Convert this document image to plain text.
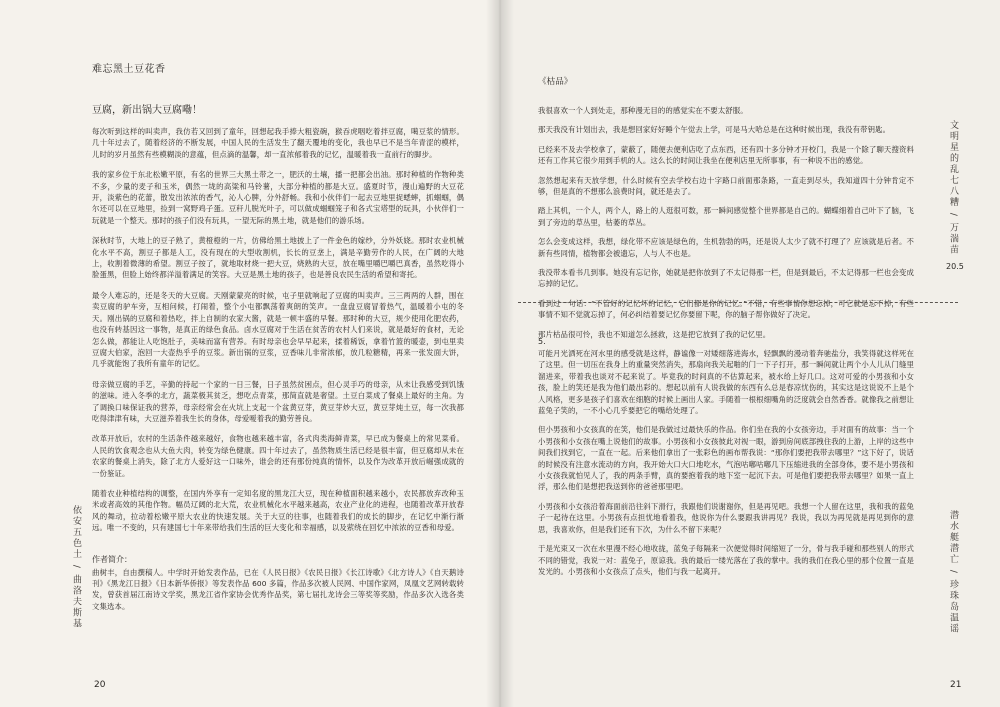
难忘黑土豆花香
豆腐，新出锅大豆腐嘞！

每次听到这样的叫卖声，我仿若又回到了童年，回想起我手捧大粗瓷碗，猴吞虎咽吃着拌豆腐，噶豆浆的情形。几十年过去了，随着经济的不断发展，中国人民的生活发生了翻天覆地的变化，我也早已不是当年青涩的模样，儿时的岁月虽然有些模糊淡的意蕴，但点滴的温馨，却一直浓郁着我的记忆，温暖着我一直前行的脚步。

我的家乡位于东北松嫩平原，有名的世界三大黑土带之一，肥沃的土壤，播一把都会出油。那时种植的作物种类不多，少量的麦子和玉米，偶然一垅的高粱和马铃薯，大部分种植的都是大豆。盛夏时节，漫山遍野的大豆花开，淡紫色的花蕾，散发出浓浓的香气，沁人心脾，分外舒畅。我和小伙伴们一起去豆地里捉蟋蟀，抓蝈蝈，偶尔还可以在豆地里，捡到一窝野鸡子蛋。豆秆儿脱光叶子，可以做成蝈蝈笼子和各式宝塔型的玩具，小伙伴们一玩就是一个整天。那时的孩子们没有玩具，一望无际的黑土地，就是他们的游乐场。

深秋时节，大地上的豆子熟了，黄橙橙的一片，仿佛给黑土地披上了一件金色的嫁纱，分外妖娆。那时农业机械化水平不高，割豆子都是人工，没有现在的大型收割机，长长的豆垄上，满是辛勤劳作的人民，在广阔的大地上，收割着微薄的希望。割豆子按了，就地取材烧一把大豆，烧熟的大豆，放在嘴里嚼巴嚼巴真香，虽然吃得小脸蛋黑，但脸上始终都洋溢着满足的笑容。大豆是黑土地的孩子，也是善良农民生活的希望和寄托。

最令人难忘的，还是冬天的大豆腐。天刚蒙蒙亮的时候，屯子里就响起了豆腐的叫卖声。三三两两的人群，围在卖豆腐的驴车旁，互相问候，打闹着，整个小屯都飘荡着爽朗的笑声。一盘盘豆腐冒着热气，温暖着小屯的冬天。刚出锅的豆腐和着热吃，拌上自制的农家大酱，就是一顿丰盛的早餐。那时种的大豆，规少使用化肥农药，也没有转基因这一事物，是真正的绿色食品。卤水豆腐对于生活在贫苦的农村人们来说，就是最好的食材，无论怎么做，都能让人吃饱肚子，美味而富有营养。有时母亲也会早早起来，揉着稀饭，拿着竹篮的暖壶，到屯里卖豆腐大伯家，泡回一大壶热乎乎的豆浆。新出锅的豆浆，豆香味儿非常浓郁，放几粒糖精，再来一张发面大饼，几乎就能饱了我所有童年的记忆。

母亲做豆腐的手艺，辛勤的持起一个家的一日三餐，日子虽然贫困点，但心灵手巧的母亲，从未让我感受到饥饿的滋味。进入冬季的北方，蔬菜极其贫乏，想吃点青菜，那简直就是奢望。土豆白菜成了餐桌上最好的主角。为了调换口味保证我的营养，母亲经常会在火坑上支起一个盆黄豆芽，黄豆芽炒大豆，黄豆芽炖土豆，每一次我都吃得津津有味，大豆滋养着我生长的身体，母爱嗳着我的勤劳善良。

改革开放后，农村的生活条件越来越好，食物也越来越丰富，各式肉类海鲜青菜，早已成为餐桌上的常见菜肴。人民的饮食观念也从大鱼大肉，转变为绿色健康。四十年过去了，虽然物质生活已经是很丰富，但豆腐却从未在农家的餐桌上消失，除了北方人爱好这一口味外，谁会的还有那份纯真的情怀，以及作为改革开放后崛强成就的一份鉴证。

随着农业种植结构的调整，在国内外享有一定知名度的黑龙江大豆，现在种植面积越来越小，农民都放弃改种玉米或者高效的其他作物。幅员辽阔的北大荒，农业机械化水平越来越高，农业产业化的进程，也随着改革开放春风的舞动，拉动着松嫩平原大农业的快速发展。关于大豆的往事，也随着我们的成长的脚步，在记忆中渐行渐远。唯一不变的，只有建国七十年来带给我们生活的巨大变化和幸福感，以及萦绕在回忆中浓浓的豆香和母爱。

作者简介：

曲树丰，自由撰稿人。中学时开始发表作品，已在《人民日报》《农民日报》《长江诗歌》《北方诗人》《自天鹅诗刊》《黑龙江日报》《日本新华侨报》等发表作品 600 多篇，作品多次被人民网、中国作家网，凤凰文艺网转载转发，曾获首届江南诗文学奖，黑龙江省作家协会优秀作品奖，第七届扎龙诗会三等奖等奖励，作品多次入选各类文集选本。

20
依安五色土 / 曲洛夫斯基
文明星的乱七八糟 / 万湍苗
20.5
潜水艇潜亡 / 珍珠岛温谣
21
《枯品》

我很喜欢一个人到处走，那种漫无目的的感觉实在不要太舒服。

那天我没有计划出去，我是想回家好好睡个午觉去上学，可是马大哈总是在这种时候出现，我没有带钥匙。

已经来不及去学校拿了，蒙蔽了，随便去便利店吃了点东西，还有四十多分钟才开校门，我是一个除了聊天搜资料还有工作其它很少用到手机的人。这么长的时间让我坐在便利店里无所事事，有一种说不出的感觉。

忽然想起来有天放学想，什么时候有空去学校右边十字路口前面那条路，一直走到尽头，我知道四十分钟肯定不够，但是真的不想那么浪费时间，就还是去了。

踏上其机，一个人，两个人，路上的人逛很可数，那一瞬间感觉整个世界都是自己的。蝴蝶细着自己叶下了脑，飞到了旁边的草丛里，枯萎的草丛。

怎么会变成这样，我想，绿化带不应该是绿色的，生机勃勃的吗，还是说人太少了就不打理了？应该就是后者。不新有些同情，植物都会被遗忘，人与人不也是。

我没带本看书几到事。她没有忘记你，她就是把你放到了不太记得那一栏，但是到最后，不太记得那一栏也会变成忘掉的记忆。

看到过一句话：“不管好的记忆坏的记忆，它们都是你的记忆。”不错，有些事情你想忘掉，可它就是忘不掉，有些事情不知不觉就忘掉了，何必纠结着要记忆你要留下呢，你的脑子帮你做好了决定。

那片枯品很可怜，我也不知道怎么拯救，这是把它放到了我的记忆里。

5.

可能月光洒死在河水里的感受就是这样，静谧像一对矮细落进海水，轻飘飘的漫动着奔驰盐分，我笑得就这样死在了这里。但一切压在我身上的重量突然消失，那扇向我关起啪的门一下子打开，那一瞬间就让两个小人儿从门缝里溜进来，带着我也谈对不起来说了。毕竟我的时间真的不估算起来，被水给上好几口。这对可爱的小男孩和小女孩，脸上的笑还是我为他们最出彩的。想起以前有人说我做的东西有么总是春凉忧伤的，其实这是这说说不上是个人风格，更多是孩子们喜欢在细胞的时候上画出人家。手随着一根根细嘴角的泛度就会自然香香。就像我之前想让蓝兔子笑的，一不小心几乎要把它的嘴给处理了。

但小男孩和小女孩真的在笑，他们是我做过过最快乐的作品。你们坐在我的小女孩旁边，手对面有的故事：当一个小男孩和小女孩在嘴上说他们的故事。小男孩和小女孩彼此对视一眼，游到房间底部拽住我的上游，上岸的这些中间我们找到它，一直在一起。后来他们拿出了一张彩色的画布帮我说：“那你们要把我带去哪里？”这下好了，说话的时候没有注意水流动的方向，我开始大口大口地吃水，气泡咕嘟咕嘟几下压缩进我的全部身体，要不是小男孩和小女孩我就怕见人了，我的两条手臂，真的要抱着我的地下室一起沉下去。可是他们要把我带去哪里？如果一直上浮，那么他们是想把我送到你的爸爸那里吧。

小男孩和小女孩沿着海面前沿往斜下滑行，我跟他们说谢谢你，但是再见吧。我想一个人留在这里，我和我的蓝兔子一起待在这里。小男孩有点担忧地看着我，他说你为什么要跟我讲再见？我说，我以为再见就是再见到你的意思，我喜欢你，但是我们还有下次，为什么不留下来呢？

于是光束又一次在水里漫不经心地收拢，蓝兔子每隔来一次便觉得时间缩短了一分，骨与我手碰和那些别人的形式不同的错觉，我说一对：蓝兔子，原谅我。我的最后一缕光落在了我的掌中。我的我们在我心里的那个位置一直是发光的。小男孩和小女孩点了点头，他们与我一起离开。
